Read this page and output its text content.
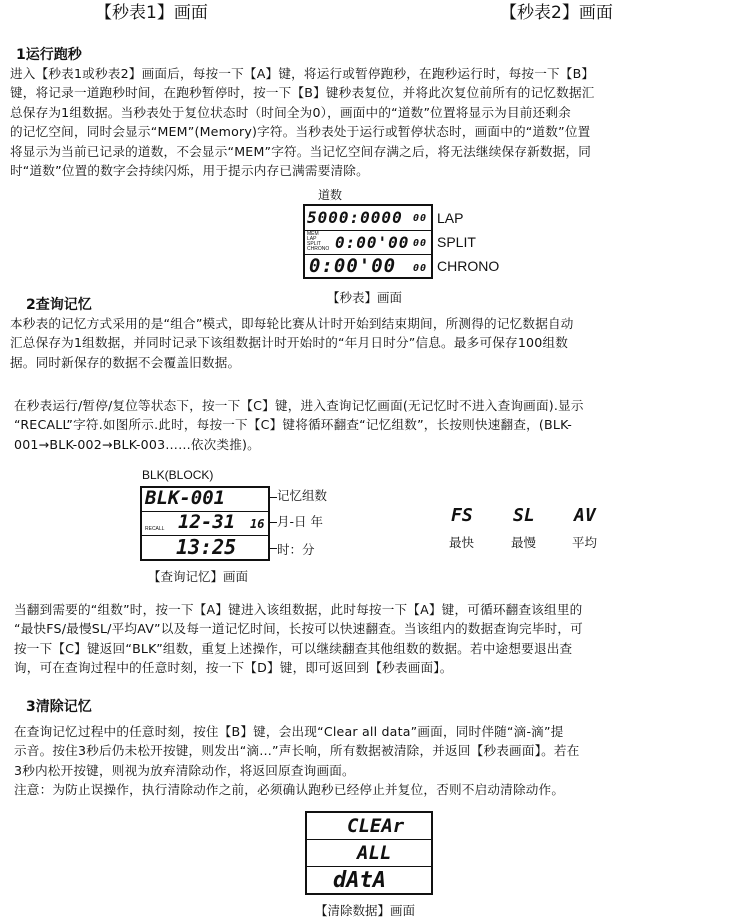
【秒表1】画面	【秒表2】画面
1运行跑秒

进入【秒表1或秒表2】画面后，每按一下【A】键，将运行或暂停跑秒，在跑秒运行时，每按一下【B】

键，将记录一道跑秒时间，在跑秒暂停时，按一下【B】键秒表复位，并将此次复位前所有的记忆数据汇

总保存为1组数据。当秒表处于复位状态时（时间全为0），画面中的“道数”位置将显示为目前还剩余

的记忆空间，同时会显示“MEM”(Memory)字符。当秒表处于运行或暂停状态时，画面中的“道数”位置

将显示为当前已记录的道数，不会显示“MEM”字符。当记忆空间存满之后，将无法继续保存新数据，同

时“道数”位置的数字会持续闪烁，用于提示内存已满需要清除。

道数
5000:0000 00
MEM
LAP
SPLIT
CHRONO 0:00'00 00
0:00'00 00
LAP
SPLIT
CHRONO
【秒表】画面
2查询记忆

本秒表的记忆方式采用的是“组合”模式，即每轮比赛从计时开始到结束期间，所测得的记忆数据自动

汇总保存为1组数据，并同时记录下该组数据计时开始时的“年月日时分”信息。最多可保存100组数

据。同时新保存的数据不会覆盖旧数据。

在秒表运行/暂停/复位等状态下，按一下【C】键，进入查询记忆画面(无记忆时不进入查询画面).显示

“RECALL”字符.如图所示.此时，每按一下【C】键将循环翻查“记忆组数”，长按则快速翻查，(BLK-

001→BLK-002→BLK-003……依次类推)。

BLK(BLOCK)
BLK-001
RECALL 12-31 16
13:25
记忆组数
月-日 年
时：分
【查询记忆】画面
FS
最快
SL
最慢
AV
平均

当翻到需要的“组数”时，按一下【A】键进入该组数据，此时每按一下【A】键，可循环翻查该组里的

“最快FS/最慢SL/平均AV”以及每一道记忆时间，长按可以快速翻查。当该组内的数据查询完毕时，可

按一下【C】键返回“BLK”组数，重复上述操作，可以继续翻查其他组数的数据。若中途想要退出查

询，可在查询过程中的任意时刻，按一下【D】键，即可返回到【秒表画面】。

3清除记忆

在查询记忆过程中的任意时刻，按住【B】键，会出现“Clear all data”画面，同时伴随“滴-滴”提

示音。按住3秒后仍未松开按键，则发出“滴…”声长响，所有数据被清除，并返回【秒表画面】。若在

3秒内松开按键，则视为放弃清除动作，将返回原查询画面。

注意：为防止误操作，执行清除动作之前，必须确认跑秒已经停止并复位，否则不启动清除动作。

CLEAr
ALL
dAtA
【清除数据】画面
